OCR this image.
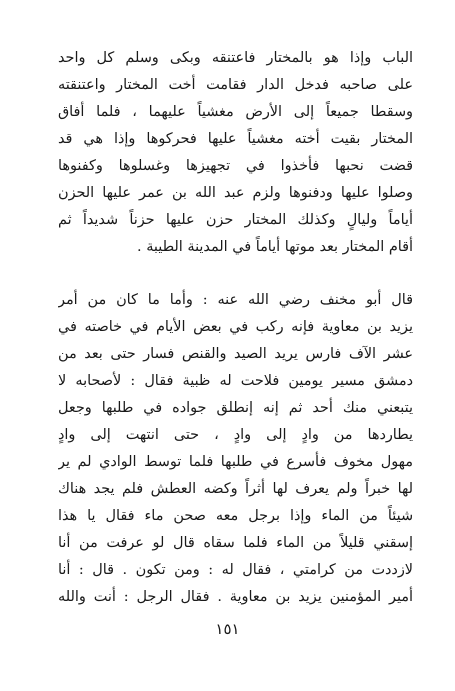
الباب وإذا هو بالمختار فاعتنقه وبكى وسلم كل واحد
على صاحبه فدخل الدار فقامت أخت المختار واعتنقته
وسقطا جميعاً إلى الأرض مغشياً عليهما ، فلما أفاق
المختار بقيت أخته مغشياً عليها فحركوها وإذا هي قد
قضت نحبها فأخذوا في تجهيزها وغسلوها وكفنوها
وصلوا عليها ودفنوها ولزم عبد الله بن عمر عليها الحزن
أياماً وليالٍ وكذلك المختار حزن عليها حزناً شديداً ثم
أقام المختار بعد موتها أياماً في المدينة الطيبة .
قال أبو مخنف رضي الله عنه : وأما ما كان من أمر
يزيد بن معاوية فإنه ركب في بعض الأيام في خاصته في
عشر الآف فارس يريد الصيد والقنص فسار حتى بعد من
دمشق مسير يومين فلاحت له ظبية فقال : لأصحابه لا
يتبعني منك أحد ثم إنه إنطلق جواده في طلبها وجعل
يطاردها من وادٍ إلى وادٍ ، حتى انتهت إلى وادٍ
مهول مخوف فأسرع في طلبها فلما توسط الوادي لم ير
لها خبراً ولم يعرف لها أثراً وكضه العطش فلم يجد هناك
شيئاً من الماء وإذا برجل معه صحن ماء فقال يا هذا
إسقني قليلاً من الماء فلما سقاه قال لو عرفت من أنا
لازددت من كرامتي ، فقال له : ومن تكون . قال : أنا
أمير المؤمنين يزيد بن معاوية . فقال الرجل : أنت والله
١٥١
